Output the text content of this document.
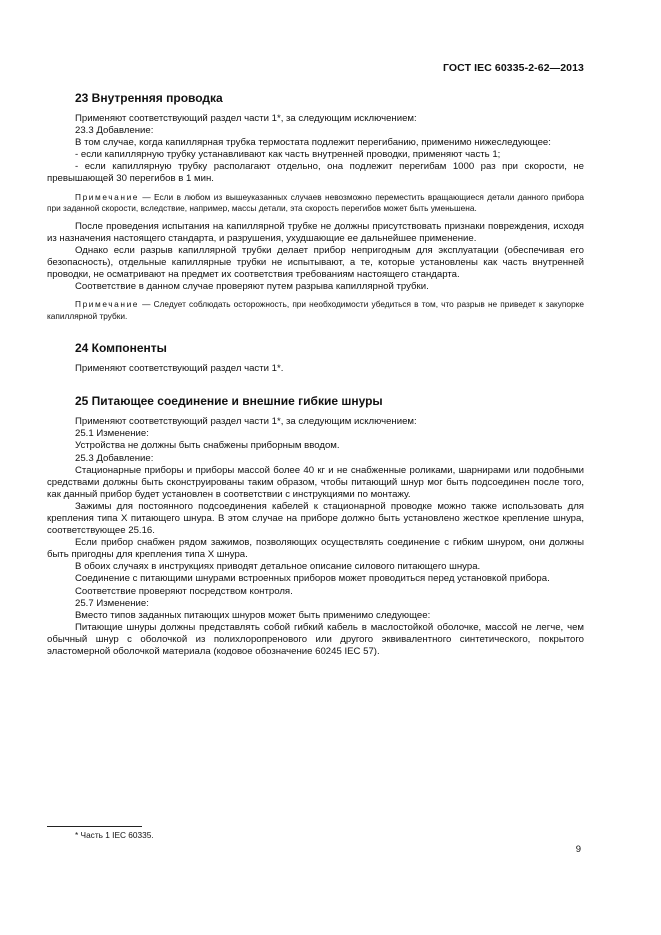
ГОСТ IEC 60335-2-62—2013
23 Внутренняя проводка

Применяют соответствующий раздел части 1*, за следующим исключением:

23.3 Добавление:

В том случае, когда капиллярная трубка термостата подлежит перегибанию, применимо нижеследующее:

- если капиллярную трубку устанавливают как часть внутренней проводки, применяют часть 1;

- если капиллярную трубку располагают отдельно, она подлежит перегибам 1000 раз при скорости, не превышающей 30 перегибов в 1 мин.

Примечание — Если в любом из вышеуказанных случаев невозможно переместить вращающиеся детали данного прибора при заданной скорости, вследствие, например, массы детали, эта скорость перегибов может быть уменьшена.

После проведения испытания на капиллярной трубке не должны присутствовать признаки повреждения, исходя из назначения настоящего стандарта, и разрушения, ухудшающие ее дальнейшее применение.

Однако если разрыв капиллярной трубки делает прибор непригодным для эксплуатации (обеспечивая его безопасность), отдельные капиллярные трубки не испытывают, а те, которые установлены как часть внутренней проводки, не осматривают на предмет их соответствия требованиям настоящего стандарта.

Соответствие в данном случае проверяют путем разрыва капиллярной трубки.

Примечание — Следует соблюдать осторожность, при необходимости убедиться в том, что разрыв не приведет к закупорке капиллярной трубки.

24 Компоненты

Применяют соответствующий раздел части 1*.

25 Питающее соединение и внешние гибкие шнуры

Применяют соответствующий раздел части 1*, за следующим исключением:

25.1 Изменение:

Устройства не должны быть снабжены приборным вводом.

25.3 Добавление:

Стационарные приборы и приборы массой более 40 кг и не снабженные роликами, шарнирами или подобными средствами должны быть сконструированы таким образом, чтобы питающий шнур мог быть подсоединен после того, как данный прибор будет установлен в соответствии с инструкциями по монтажу.

Зажимы для постоянного подсоединения кабелей к стационарной проводке можно также использовать для крепления типа X питающего шнура. В этом случае на приборе должно быть установлено жесткое крепление шнура, соответствующее 25.16.

Если прибор снабжен рядом зажимов, позволяющих осуществлять соединение с гибким шнуром, они должны быть пригодны для крепления типа X шнура.

В обоих случаях в инструкциях приводят детальное описание силового питающего шнура.

Соединение с питающими шнурами встроенных приборов может проводиться перед установкой прибора.

Соответствие проверяют посредством контроля.

25.7 Изменение:

Вместо типов заданных питающих шнуров может быть применимо следующее:

Питающие шнуры должны представлять собой гибкий кабель в маслостойкой оболочке, массой не легче, чем обычный шнур с оболочкой из полихлоропренового или другого эквивалентного синтетического, покрытого эластомерной оболочкой материала (кодовое обозначение 60245 IEC 57).

* Часть 1 IEC 60335.
9
